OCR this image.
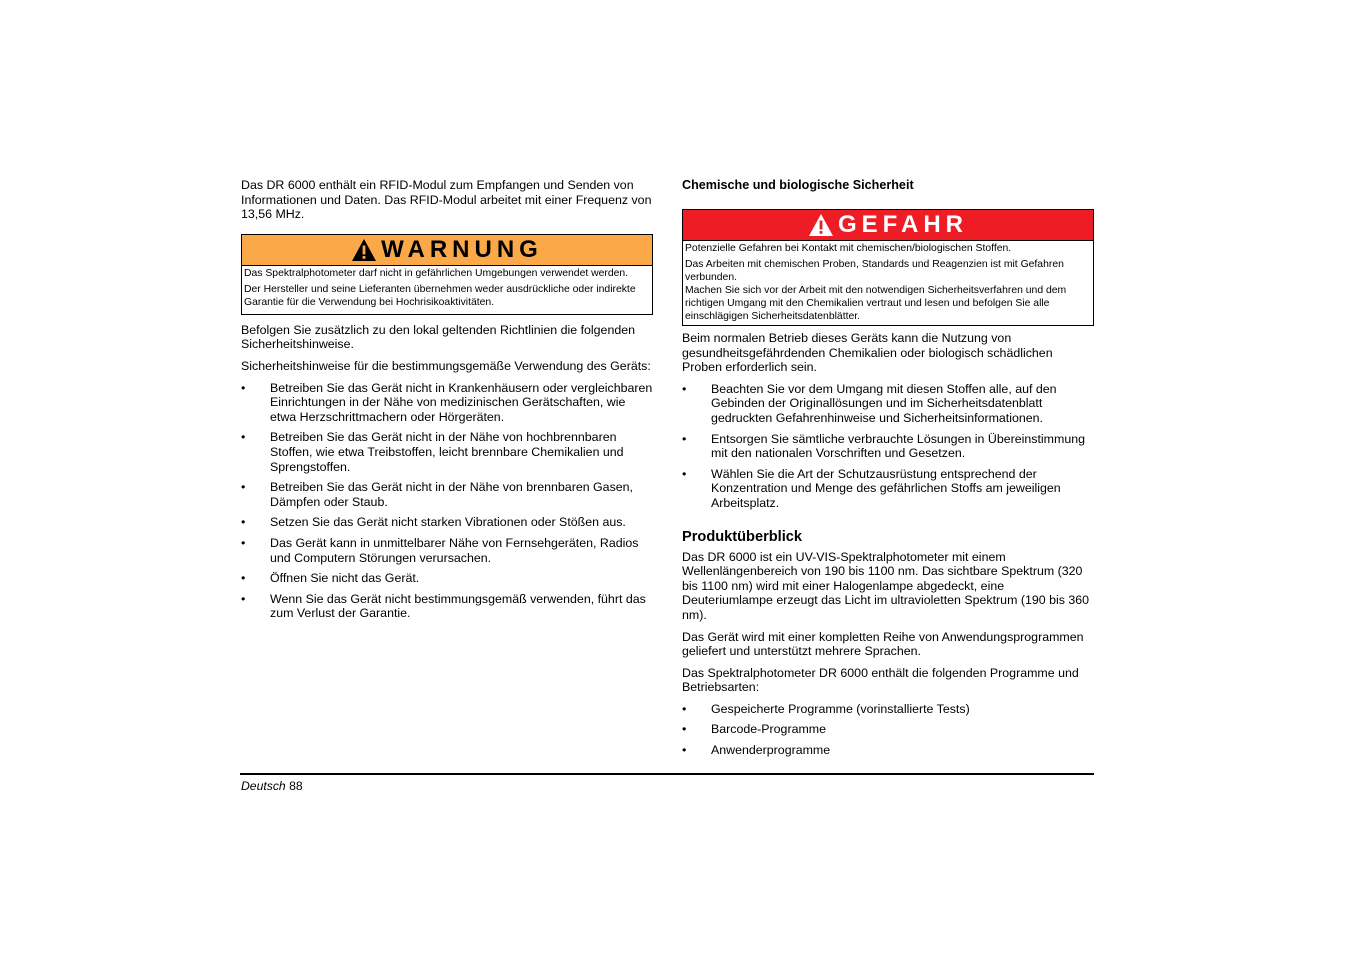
Das DR 6000 enthält ein RFID-Modul zum Empfangen und Senden von Informationen und Daten. Das RFID-Modul arbeitet mit einer Frequenz von 13,56 MHz.

WARNUNG

Das Spektralphotometer darf nicht in gefährlichen Umgebungen verwendet werden.

Der Hersteller und seine Lieferanten übernehmen weder ausdrückliche oder indirekte Garantie für die Verwendung bei Hochrisikoaktivitäten.

Befolgen Sie zusätzlich zu den lokal geltenden Richtlinien die folgenden Sicherheitshinweise.

Sicherheitshinweise für die bestimmungsgemäße Verwendung des Geräts:

• Betreiben Sie das Gerät nicht in Krankenhäusern oder vergleichbaren Einrichtungen in der Nähe von medizinischen Gerätschaften, wie etwa Herzschrittmachern oder Hörgeräten.
• Betreiben Sie das Gerät nicht in der Nähe von hochbrennbaren Stoffen, wie etwa Treibstoffen, leicht brennbare Chemikalien und Sprengstoffen.
• Betreiben Sie das Gerät nicht in der Nähe von brennbaren Gasen, Dämpfen oder Staub.
• Setzen Sie das Gerät nicht starken Vibrationen oder Stößen aus.
• Das Gerät kann in unmittelbarer Nähe von Fernsehgeräten, Radios und Computern Störungen verursachen.
• Öffnen Sie nicht das Gerät.
• Wenn Sie das Gerät nicht bestimmungsgemäß verwenden, führt das zum Verlust der Garantie.
Chemische und biologische Sicherheit
GEFAHR

Potenzielle Gefahren bei Kontakt mit chemischen/biologischen Stoffen.

Das Arbeiten mit chemischen Proben, Standards und Reagenzien ist mit Gefahren verbunden.

Machen Sie sich vor der Arbeit mit den notwendigen Sicherheitsverfahren und dem richtigen Umgang mit den Chemikalien vertraut und lesen und befolgen Sie alle einschlägigen Sicherheitsdatenblätter.

Beim normalen Betrieb dieses Geräts kann die Nutzung von gesundheitsgefährdenden Chemikalien oder biologisch schädlichen Proben erforderlich sein.

• Beachten Sie vor dem Umgang mit diesen Stoffen alle, auf den Gebinden der Originallösungen und im Sicherheitsdatenblatt gedruckten Gefahrenhinweise und Sicherheitsinformationen.
• Entsorgen Sie sämtliche verbrauchte Lösungen in Übereinstimmung mit den nationalen Vorschriften und Gesetzen.
• Wählen Sie die Art der Schutzausrüstung entsprechend der Konzentration und Menge des gefährlichen Stoffs am jeweiligen Arbeitsplatz.
Produktüberblick

Das DR 6000 ist ein UV-VIS-Spektralphotometer mit einem Wellenlängenbereich von 190 bis 1100 nm. Das sichtbare Spektrum (320 bis 1100 nm) wird mit einer Halogenlampe abgedeckt, eine Deuteriumlampe erzeugt das Licht im ultravioletten Spektrum (190 bis 360 nm).

Das Gerät wird mit einer kompletten Reihe von Anwendungsprogrammen geliefert und unterstützt mehrere Sprachen.

Das Spektralphotometer DR 6000 enthält die folgenden Programme und Betriebsarten:

• Gespeicherte Programme (vorinstallierte Tests)
• Barcode-Programme
• Anwenderprogramme
Deutsch 88
